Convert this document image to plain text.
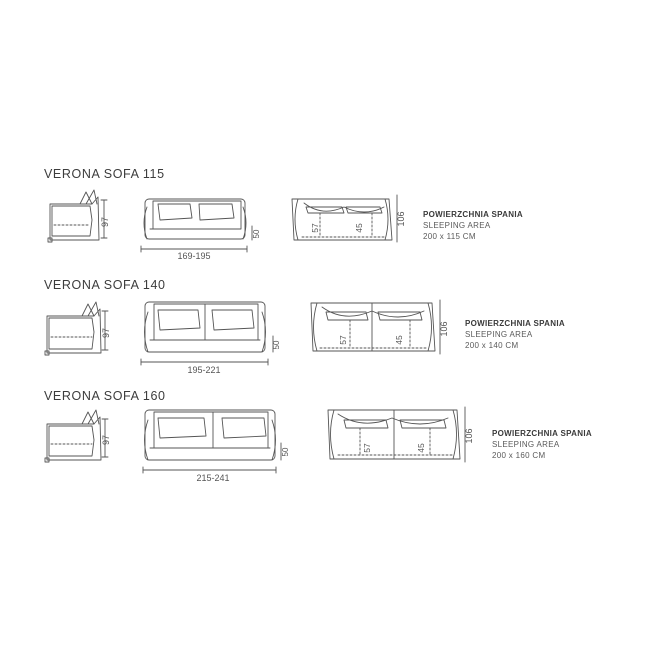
VERONA SOFA 115
VERONA SOFA 140
VERONA SOFA 160
POWIERZCHNIA SPANIA
SLEEPING AREA
200 x 115 CM
POWIERZCHNIA SPANIA
SLEEPING AREA
200 x 140 CM
POWIERZCHNIA SPANIA
SLEEPING AREA
200 x 160 CM
97
169-195
50
57	45
106
97
195-221
50
57	45
106
97
215-241
50	57	45
106
